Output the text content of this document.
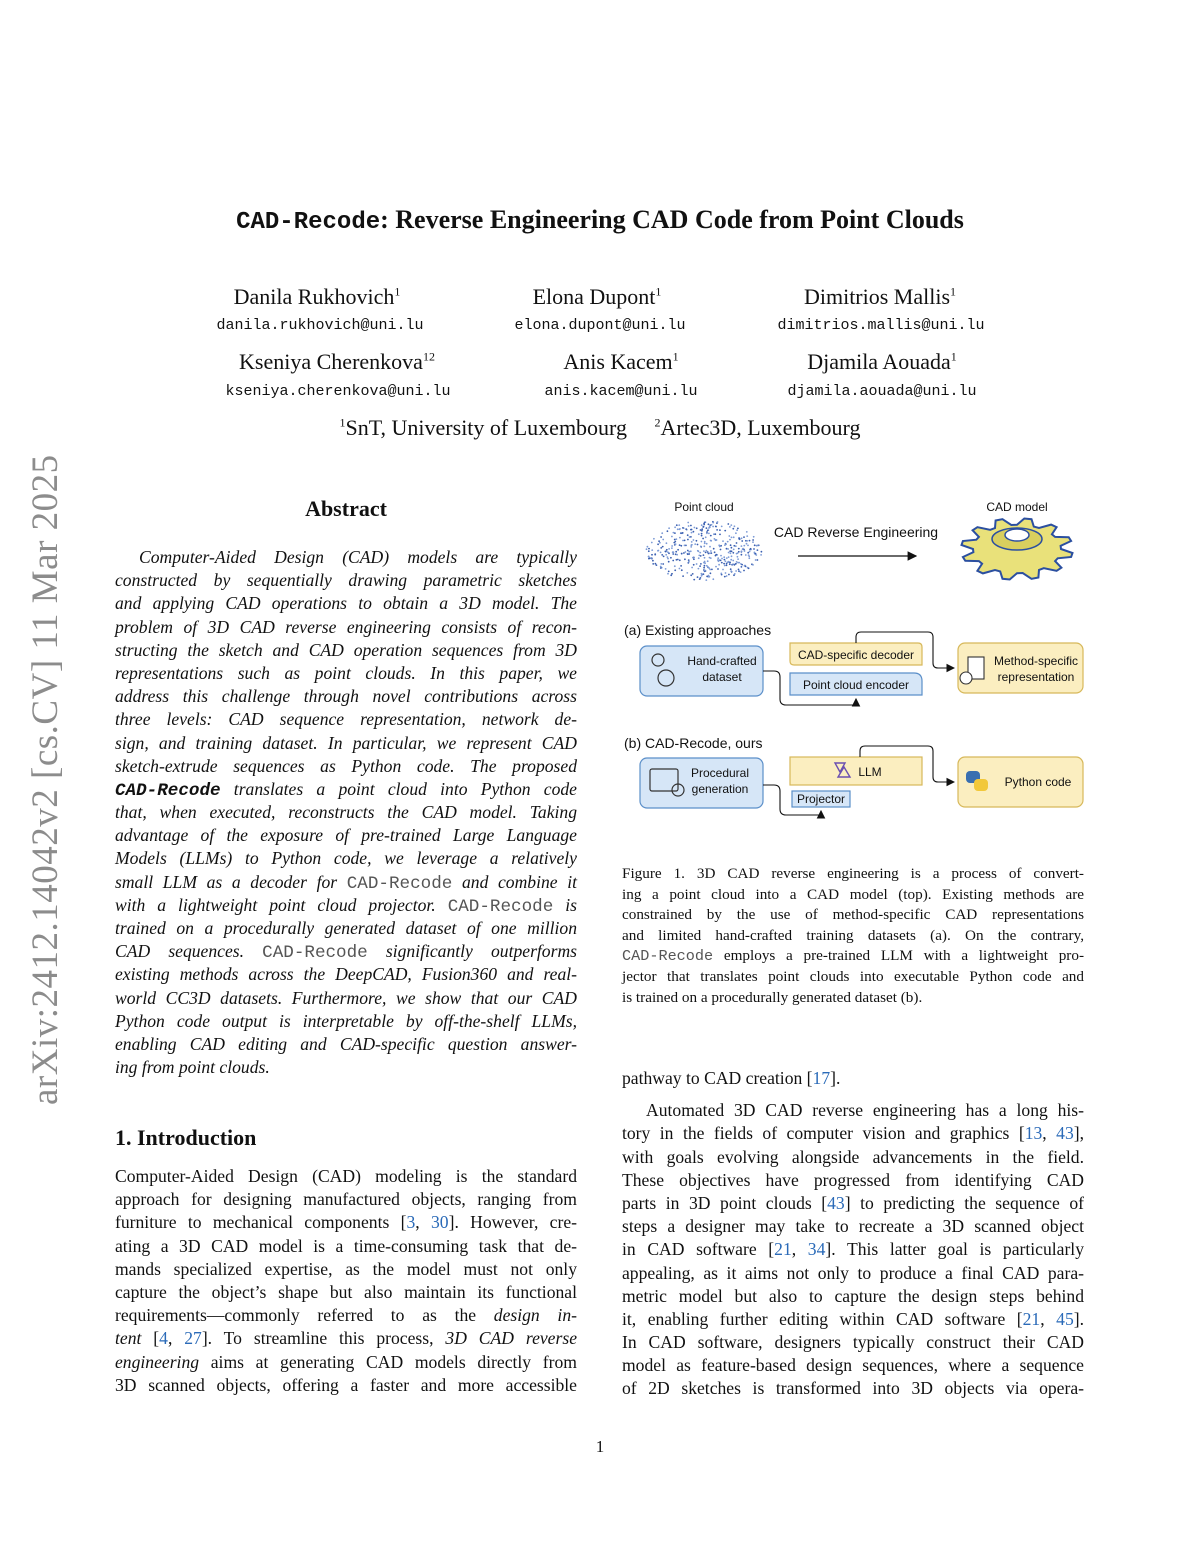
arXiv:2412.14042v2 [cs.CV] 11 Mar 2025
CAD-Recode: Reverse Engineering CAD Code from Point Clouds
Danila Rukhovich$^1$
danila.rukhovich@uni.lu
Elona Dupont$^1$
elona.dupont@uni.lu
Dimitrios Mallis$^1$
dimitrios.mallis@uni.lu
Kseniya Cherenkova$^{12}$
kseniya.cherenkova@uni.lu
Anis Kacem$^1$
anis.kacem@uni.lu
Djamila Aouada$^1$
djamila.aouada@uni.lu
$^1$SnT, University of Luxembourg $^2$Artec3D, Luxembourg
Abstract
Computer-Aided Design (CAD) models are typically
constructed by sequentially drawing parametric sketches
and applying CAD operations to obtain a 3D model. The
problem of 3D CAD reverse engineering consists of recon-
structing the sketch and CAD operation sequences from 3D
representations such as point clouds. In this paper, we
address this challenge through novel contributions across
three levels: CAD sequence representation, network de-
sign, and training dataset. In particular, we represent CAD
sketch-extrude sequences as Python code. The proposed
CAD-Recode translates a point cloud into Python code
that, when executed, reconstructs the CAD model. Taking
advantage of the exposure of pre-trained Large Language
Models (LLMs) to Python code, we leverage a relatively
small LLM as a decoder for CAD-Recode and combine it
with a lightweight point cloud projector. CAD-Recode is
trained on a procedurally generated dataset of one million
CAD sequences. CAD-Recode significantly outperforms
existing methods across the DeepCAD, Fusion360 and real-
world CC3D datasets. Furthermore, we show that our CAD
Python code output is interpretable by off-the-shelf LLMs,
enabling CAD editing and CAD-specific question answer-
ing from point clouds.
1. Introduction
Computer-Aided Design (CAD) modeling is the standard
approach for designing manufactured objects, ranging from
furniture to mechanical components [3, 30]. However, cre-
ating a 3D CAD model is a time-consuming task that de-
mands specialized expertise, as the model must not only
capture the object’s shape but also maintain its functional
requirements—commonly referred to as the design in-
tent [4, 27]. To streamline this process, 3D CAD reverse
engineering aims at generating CAD models directly from
3D scanned objects, offering a faster and more accessible
pathway to CAD creation [17].
Automated 3D CAD reverse engineering has a long his-
tory in the fields of computer vision and graphics [13, 43],
with goals evolving alongside advancements in the field.
These objectives have progressed from identifying CAD
parts in 3D point clouds [43] to predicting the sequence of
steps a designer may take to recreate a 3D scanned object
in CAD software [21, 34]. This latter goal is particularly
appealing, as it aims not only to produce a final CAD para-
metric model but also to capture the design steps behind
it, enabling further editing within CAD software [21, 45].
In CAD software, designers typically construct their CAD
model as feature-based design sequences, where a sequence
of 2D sketches is transformed into 3D objects via opera-
Point cloud
CAD Reverse Engineering
CAD model
(a) Existing approaches
Hand-crafted
dataset
CAD-specific decoder
Point cloud encoder
Method-specific
representation
(b) CAD-Recode, ours
Procedural
generation
LLM
Projector
Python code
Figure 1. 3D CAD reverse engineering is a process of convert-
ing a point cloud into a CAD model (top). Existing methods are
constrained by the use of method-specific CAD representations
and limited hand-crafted training datasets (a). On the contrary,
CAD-Recode employs a pre-trained LLM with a lightweight pro-
jector that translates point clouds into executable Python code and
is trained on a procedurally generated dataset (b).
1
